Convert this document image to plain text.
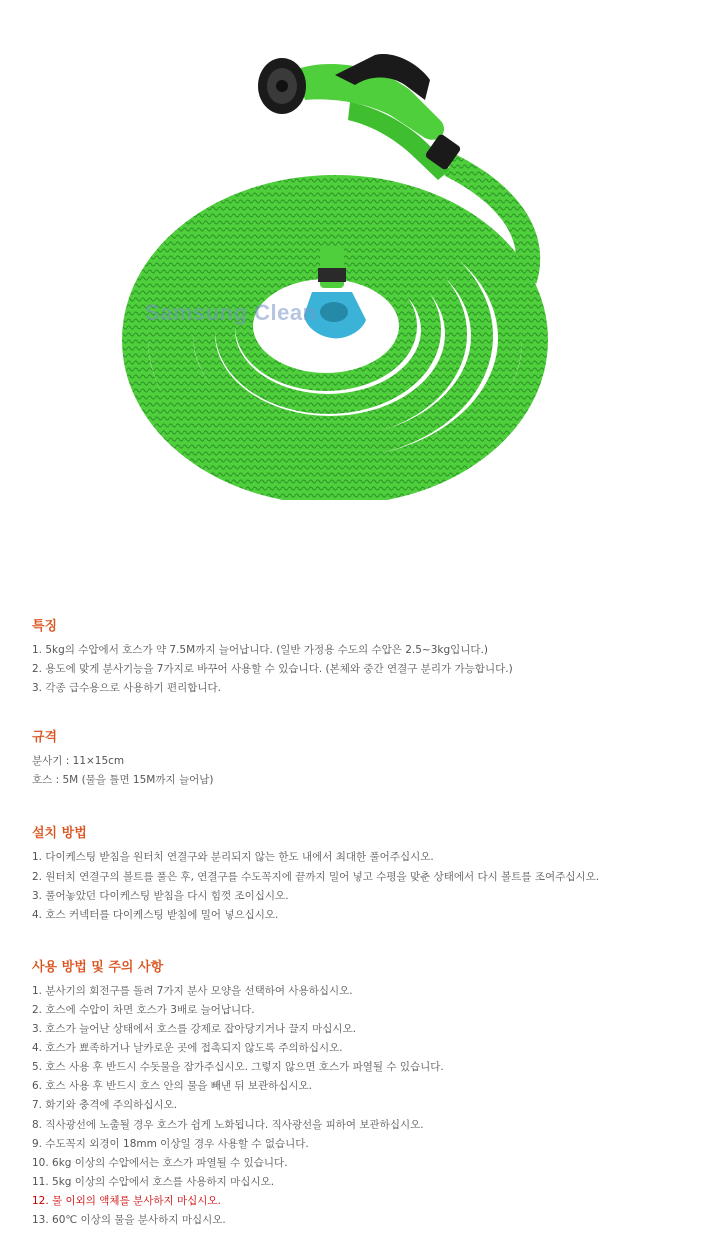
Samsung Clean
특징
1. 5kg의 수압에서 호스가 약 7.5M까지 늘어납니다. (일반 가정용 수도의 수압은 2.5~3kg입니다.)
2. 용도에 맞게 분사기능을 7가지로 바꾸어 사용할 수 있습니다. (본체와 중간 연결구 분리가 가능합니다.)
3. 각종 급수용으로 사용하기 편리합니다.
규격
분사기 : 11×15cm
호스 : 5M (물을 틀면 15M까지 늘어남)
설치 방법
1. 다이케스팅 받침을 원터치 연결구와 분리되지 않는 한도 내에서 최대한 풀어주십시오.
2. 원터치 연결구의 볼트를 풀은 후, 연결구를 수도꼭지에 끝까지 밀어 넣고 수평을 맞춘 상태에서 다시 볼트를 조여주십시오.
3. 풀어놓았던 다이케스팅 받침을 다시 힘껏 조이십시오.
4. 호스 커넥터를 다이케스팅 받침에 밀어 넣으십시오.
사용 방법 및 주의 사항
1. 분사기의 회전구를 돌려 7가지 분사 모양을 선택하여 사용하십시오.
2. 호스에 수압이 차면 호스가 3배로 늘어납니다.
3. 호스가 늘어난 상태에서 호스를 강제로 잡아당기거나 끌지 마십시오.
4. 호스가 뾰족하거나 날카로운 곳에 접촉되지 않도록 주의하십시오.
5. 호스 사용 후 반드시 수돗물을 잠가주십시오. 그렇지 않으면 호스가 파열될 수 있습니다.
6. 호스 사용 후 반드시 호스 안의 물을 빼낸 뒤 보관하십시오.
7. 화기와 충격에 주의하십시오.
8. 직사광선에 노출될 경우 호스가 쉽게 노화됩니다. 직사광선을 피하여 보관하십시오.
9. 수도꼭지 외경이 18mm 이상일 경우 사용할 수 없습니다.
10. 6kg 이상의 수압에서는 호스가 파열될 수 있습니다.
11. 5kg 이상의 수압에서 호스를 사용하지 마십시오.
12. 물 이외의 액체를 분사하지 마십시오.
13. 60℃ 이상의 물을 분사하지 마십시오.
